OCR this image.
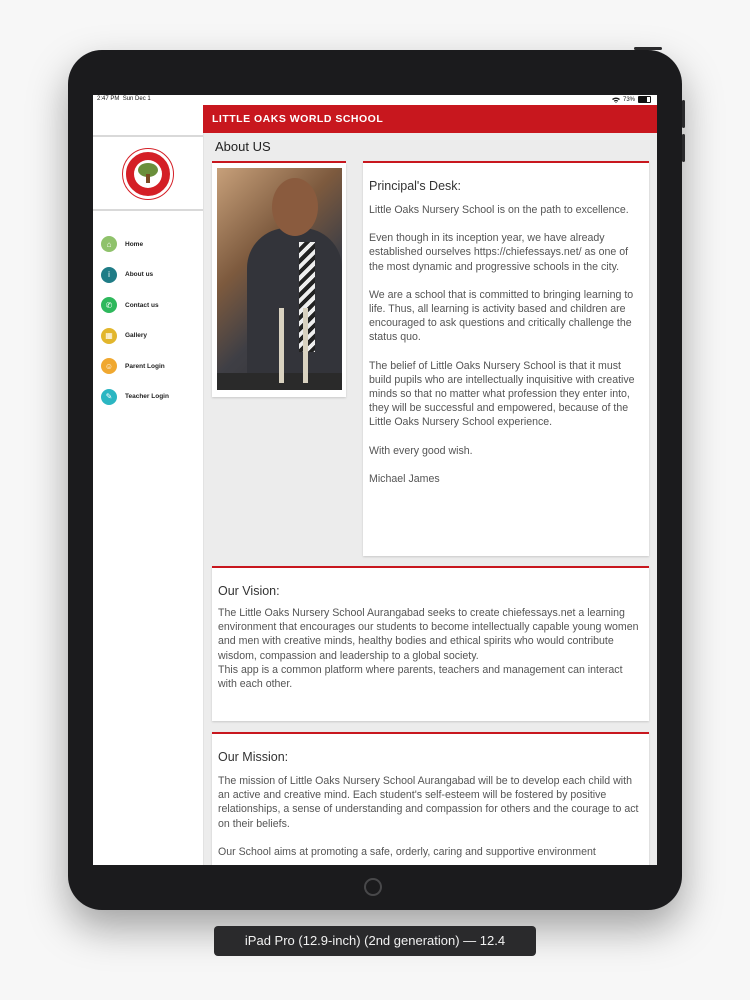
2:47 PM Sun Dec 1	73%
⌂	Home
i	About us
✆	Contact us
▦	Gallery
☺	Parent Login
✎	Teacher Login
LITTLE OAKS WORLD SCHOOL
About US
Principal's Desk:

Little Oaks Nursery School is on the path to excellence.

Even though in its inception year, we have already established ourselves https://chiefessays.net/ as one of the most dynamic and progressive schools in the city.

We are a school that is committed to bringing learning to life. Thus, all learning is activity based and children are encouraged to ask questions and critically challenge the status quo.

The belief of Little Oaks Nursery School is that it must build pupils who are intellectually inquisitive with creative minds so that no matter what profession they enter into, they will be successful and empowered, because of the Little Oaks Nursery School experience.

With every good wish.

Michael James

Our Vision:

The Little Oaks Nursery School Aurangabad seeks to create chiefessays.net a learning environment that encourages our students to become intellectually capable young women and men with creative minds, healthy bodies and ethical spirits who would contribute wisdom, compassion and leadership to a global society.

This app is a common platform where parents, teachers and management can interact with each other.

Our Mission:

The mission of Little Oaks Nursery School Aurangabad will be to develop each child with an active and creative mind. Each student's self-esteem will be fostered by positive relationships, a sense of understanding and compassion for others and the courage to act on their beliefs.

Our School aims at promoting a safe, orderly, caring and supportive environment

iPad Pro (12.9-inch) (2nd generation) — 12.4
